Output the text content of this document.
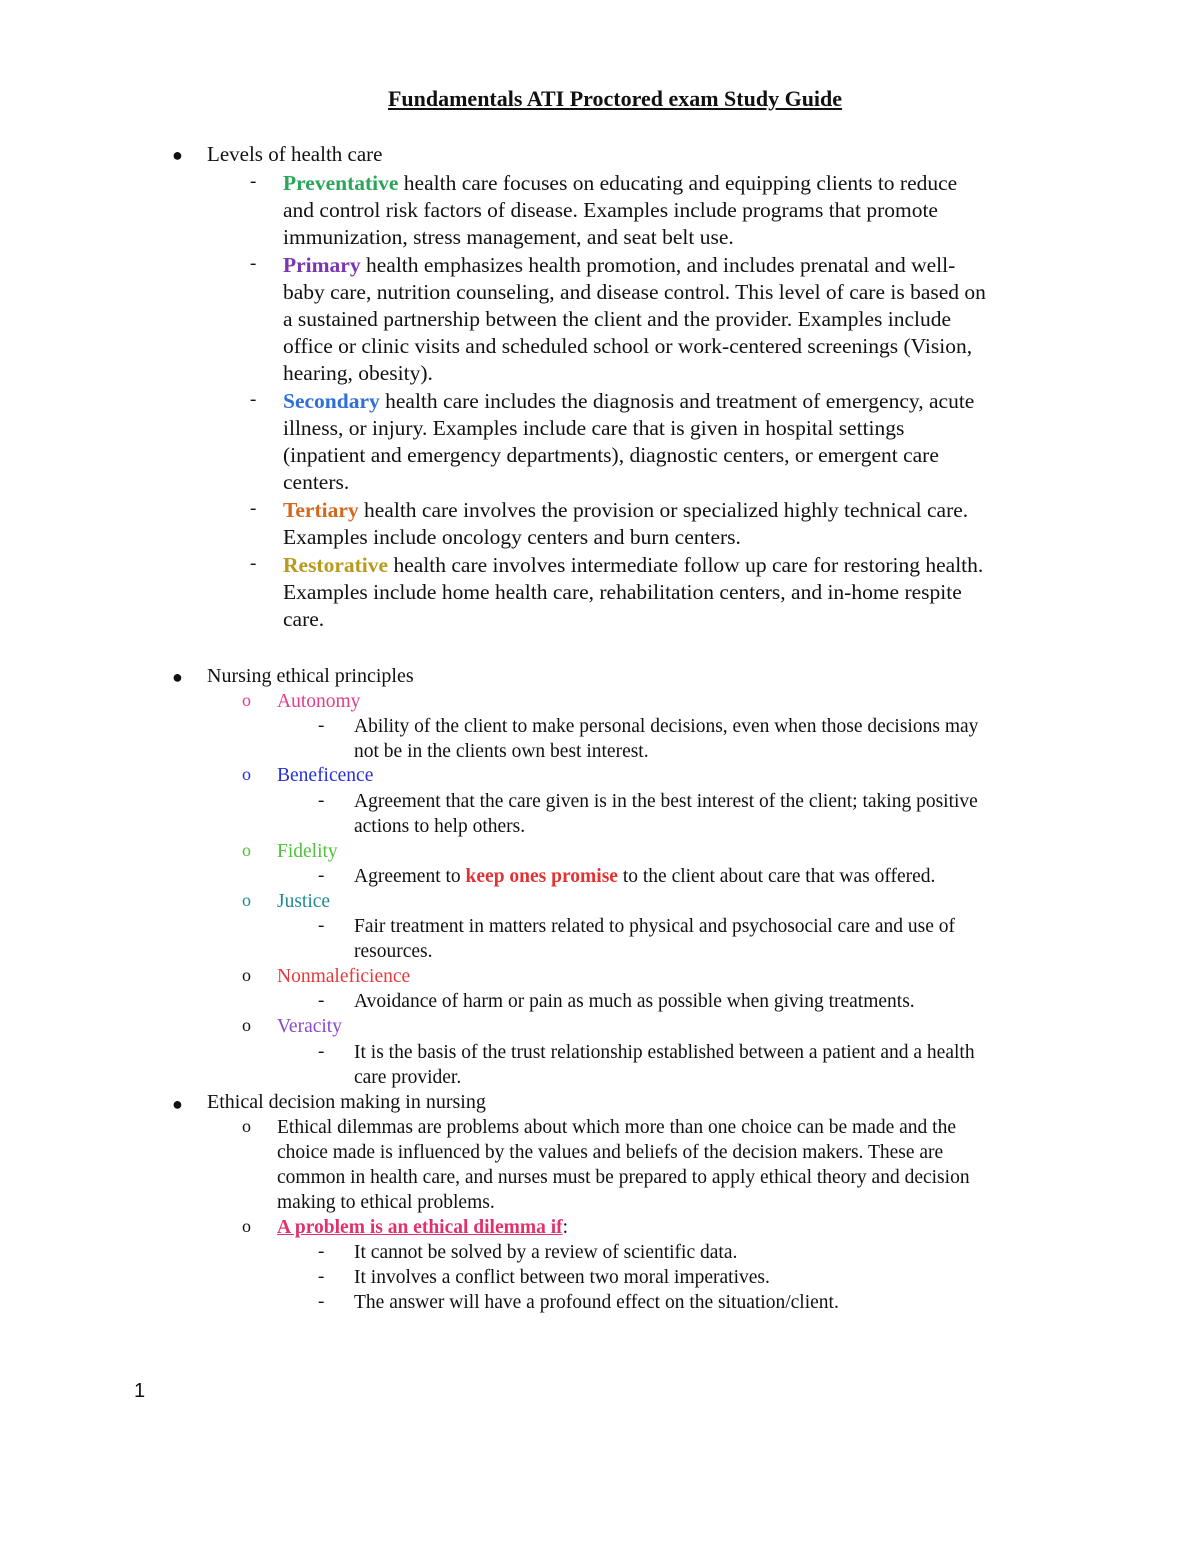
Fundamentals ATI Proctored exam Study Guide
● Levels of health care
- Preventative health care focuses on educating and equipping clients to reduce
and control risk factors of disease. Examples include programs that promote
immunization, stress management, and seat belt use.
- Primary health emphasizes health promotion, and includes prenatal and well-
baby care, nutrition counseling, and disease control. This level of care is based on
a sustained partnership between the client and the provider. Examples include
office or clinic visits and scheduled school or work-centered screenings (Vision,
hearing, obesity).
- Secondary health care includes the diagnosis and treatment of emergency, acute
illness, or injury. Examples include care that is given in hospital settings
(inpatient and emergency departments), diagnostic centers, or emergent care
centers.
- Tertiary health care involves the provision or specialized highly technical care.
Examples include oncology centers and burn centers.
- Restorative health care involves intermediate follow up care for restoring health.
Examples include home health care, rehabilitation centers, and in-home respite
care.
● Nursing ethical principles
o Autonomy
- Ability of the client to make personal decisions, even when those decisions may
not be in the clients own best interest.
o Beneficence
- Agreement that the care given is in the best interest of the client; taking positive
actions to help others.
o Fidelity
- Agreement to keep ones promise to the client about care that was offered.
o Justice
- Fair treatment in matters related to physical and psychosocial care and use of
resources.
o Nonmaleficience
- Avoidance of harm or pain as much as possible when giving treatments.
o Veracity
- It is the basis of the trust relationship established between a patient and a health
care provider.
● Ethical decision making in nursing
o Ethical dilemmas are problems about which more than one choice can be made and the
choice made is influenced by the values and beliefs of the decision makers. These are
common in health care, and nurses must be prepared to apply ethical theory and decision
making to ethical problems.
o A problem is an ethical dilemma if:
- It cannot be solved by a review of scientific data.
- It involves a conflict between two moral imperatives.
- The answer will have a profound effect on the situation/client.
1
